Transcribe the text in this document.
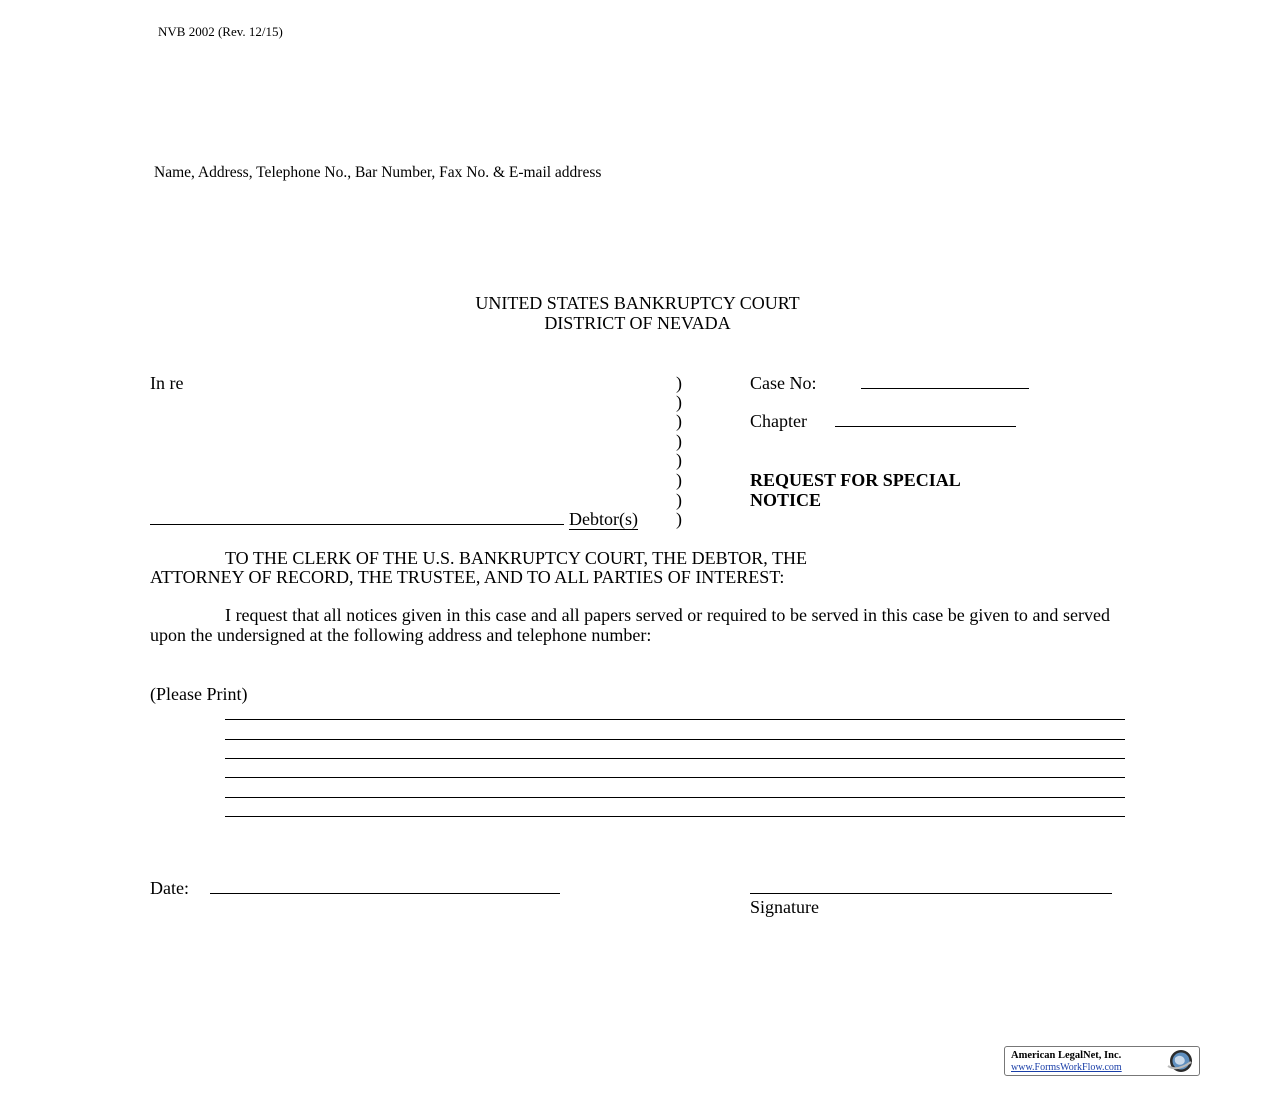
NVB 2002 (Rev. 12/15)
Name, Address, Telephone No., Bar Number, Fax No. & E-mail address
UNITED STATES BANKRUPTCY COURT
DISTRICT OF NEVADA
In re
Debtor(s)
)
)
)
)
)
)
)
)
Case No:
Chapter
REQUEST FOR SPECIAL
NOTICE
TO THE CLERK OF THE U.S. BANKRUPTCY COURT, THE DEBTOR, THE
ATTORNEY OF RECORD, THE TRUSTEE, AND TO ALL PARTIES OF INTEREST:
I request that all notices given in this case and all papers served or required to be served in this case be given to and served upon the undersigned at the following address and telephone number:
(Please Print)
Date:
Signature
American LegalNet, Inc.
www.FormsWorkFlow.com
